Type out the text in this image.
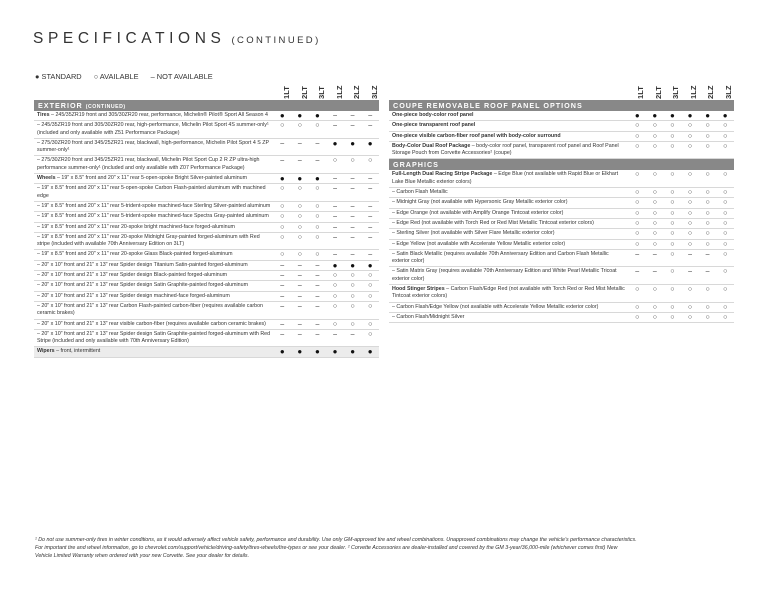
SPECIFICATIONS (CONTINUED)
● STANDARD ○ AVAILABLE – NOT AVAILABLE
1LT 2LT 3LT 1LZ 2LZ 3LZ	1LT 2LT 3LT 1LZ 2LZ 3LZ
EXTERIOR (CONTINUED)
Tires – 245/35ZR19 front and 305/30ZR20 rear, performance, Michelin® Pilot® Sport All Season 4	●	●	●	–	–	–
– 245/35ZR19 front and 305/30ZR20 rear, high-performance, Michelin Pilot Sport 4S summer-only¹ (included and only available with Z51 Performance Package)
○	○	○	–	–	–
– 275/30ZR20 front and 345/25ZR21 rear, blackwall, high-performance, Michelin Pilot Sport 4 S ZP summer-only¹
–	–	–	●	●	●
– 275/30ZR20 front and 345/25ZR21 rear, blackwall, Michelin Pilot Sport Cup 2 R ZP ultra-high performance summer-only¹ (included and only available with Z07 Performance Package)
–	–	–	○	○	○
Wheels – 19" x 8.5" front and 20" x 11" rear 5-open-spoke Bright Silver-painted aluminum	●	●	●	–	–	–
– 19" x 8.5" front and 20" x 11" rear 5-open-spoke Carbon Flash-painted aluminum with machined edge
○	○	○	–	–	–
– 19" x 8.5" front and 20" x 11" rear 5-trident-spoke machined-face Sterling Silver-painted aluminum	○	○	○	–	–	–
– 19" x 8.5" front and 20" x 11" rear 5-trident-spoke machined-face Spectra Gray-painted aluminum	○	○	○	–	–	–
– 19" x 8.5" front and 20" x 11" rear 20-spoke bright machined-face forged-aluminum	○	○	○	–	–	–
– 19" x 8.5" front and 20" x 11" rear 20-spoke Midnight Gray-painted forged-aluminum with Red stripe (included with available 70th Anniversary Edition on 3LT)
○	○	○	–	–	–
– 19" x 8.5" front and 20" x 11" rear 20-spoke Glass Black-painted forged-aluminum	○	○	○	–	–	–
– 20" x 10" front and 21" x 13" rear Spider design Titanium Satin-painted forged-aluminum	–	–	–	●	●	●
– 20" x 10" front and 21" x 13" rear Spider design Black-painted forged-aluminum	–	–	–	○	○	○
– 20" x 10" front and 21" x 13" rear Spider design Satin Graphite-painted forged-aluminum	–	–	–	○	○	○
– 20" x 10" front and 21" x 13" rear Spider design machined-face forged-aluminum	–	–	–	○	○	○
– 20" x 10" front and 21" x 13" rear Carbon Flash-painted carbon-fiber (requires available carbon ceramic brakes)
–	–	–	○	○	○
– 20" x 10" front and 21" x 13" rear visible carbon-fiber (requires available carbon ceramic brakes)	–	–	–	○	○	○
– 20" x 10" front and 21" x 13" rear Spider design Satin Graphite-painted forged-aluminum with Red Stripe (included and only available with 70th Anniversary Edition)
–	–	–	–	–	○
Wipers – front, intermittent	●	●	●	●	●	●
COUPE REMOVABLE ROOF PANEL OPTIONS
One-piece body-color roof panel	●	●	●	●	●	●
One-piece transparent roof panel	○	○	○	○	○	○
One-piece visible carbon-fiber roof panel with body-color surround	○	○	○	○	○	○
Body-Color Dual Roof Package – body-color roof panel, transparent roof panel and Roof Panel Storage Pouch from Corvette Accessories² (coupe)
○	○	○	○	○	○
GRAPHICS
Full-Length Dual Racing Stripe Package – Edge Blue (not available with Rapid Blue or Elkhart Lake Blue Metallic exterior colors)
○	○	○	○	○	○
– Carbon Flash Metallic	○	○	○	○	○	○
– Midnight Gray (not available with Hypersonic Gray Metallic exterior color)	○	○	○	○	○	○
– Edge Orange (not available with Amplify Orange Tintcoat exterior color)	○	○	○	○	○	○
– Edge Red (not available with Torch Red or Red Mist Metallic Tintcoat exterior colors)	○	○	○	○	○	○
– Sterling Silver (not available with Silver Flare Metallic exterior color)	○	○	○	○	○	○
– Edge Yellow (not available with Accelerate Yellow Metallic exterior color)	○	○	○	○	○	○
– Satin Black Metallic (requires available 70th Anniversary Edition and Carbon Flash Metallic exterior color)
–	–	○	–	–	○
– Satin Matrix Gray (requires available 70th Anniversary Edition and White Pearl Metallic Tricoat exterior color)
–	–	○	–	–	○
Hood Stinger Stripes – Carbon Flash/Edge Red (not available with Torch Red or Red Mist Metallic Tintcoat exterior colors)
○	○	○	○	○	○
– Carbon Flash/Edge Yellow (not available with Accelerate Yellow Metallic exterior color)	○	○	○	○	○	○
– Carbon Flash/Midnight Silver	○	○	○	○	○	○
¹ Do not use summer-only tires in winter conditions, as it would adversely affect vehicle safety, performance and durability. Use only GM-approved tire and wheel combinations. Unapproved combinations may change the vehicle’s performance characteristics.
For important tire and wheel information, go to chevrolet.com/support/vehicle/driving-safety/tires-wheels/tire-types or see your dealer. ² Corvette Accessories are dealer-installed and covered by the GM 3-year/36,000-mile (whichever comes first) New
Vehicle Limited Warranty when ordered with your new Corvette. See your dealer for details.
